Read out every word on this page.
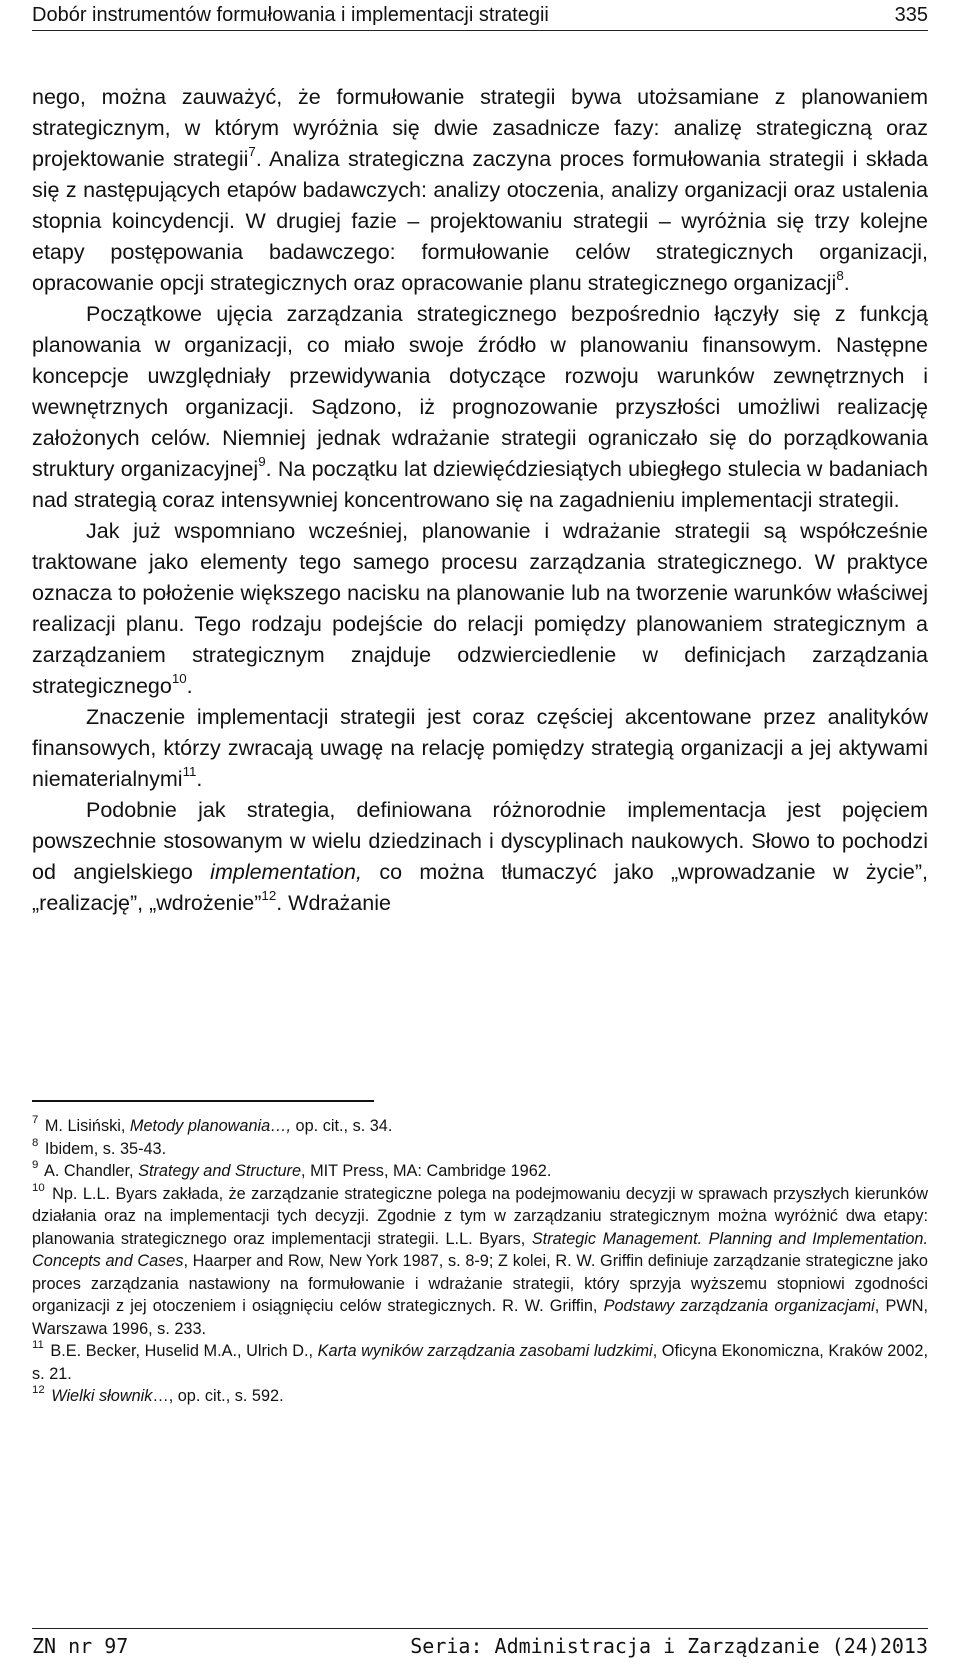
Dobór instrumentów formułowania i implementacji strategii	335

nego, można zauważyć, że formułowanie strategii bywa utożsamiane z planowaniem strategicznym, w którym wyróżnia się dwie zasadnicze fazy: analizę strategiczną oraz projektowanie strategii$^7$. Analiza strategiczna zaczyna proces formułowania strategii i składa się z następujących etapów badawczych: analizy otoczenia, analizy organizacji oraz ustalenia stopnia koincydencji. W drugiej fazie – projektowaniu strategii – wyróżnia się trzy kolejne etapy postępowania badawczego: formułowanie celów strategicznych organizacji, opracowanie opcji strategicznych oraz opracowanie planu strategicznego organizacji$^8$.

Początkowe ujęcia zarządzania strategicznego bezpośrednio łączyły się z funkcją planowania w organizacji, co miało swoje źródło w planowaniu finansowym. Następne koncepcje uwzględniały przewidywania dotyczące rozwoju warunków zewnętrznych i wewnętrznych organizacji. Sądzono, iż prognozowanie przyszłości umożliwi realizację założonych celów. Niemniej jednak wdrażanie strategii ograniczało się do porządkowania struktury organizacyjnej$^9$. Na początku lat dziewięćdziesiątych ubiegłego stulecia w badaniach nad strategią coraz intensywniej koncentrowano się na zagadnieniu implementacji strategii.

Jak już wspomniano wcześniej, planowanie i wdrażanie strategii są współcześnie traktowane jako elementy tego samego procesu zarządzania strategicznego. W praktyce oznacza to położenie większego nacisku na planowanie lub na tworzenie warunków właściwej realizacji planu. Tego rodzaju podejście do relacji pomiędzy planowaniem strategicznym a zarządzaniem strategicznym znajduje odzwierciedlenie w definicjach zarządzania strategicznego$^{10}$.

Znaczenie implementacji strategii jest coraz częściej akcentowane przez analityków finansowych, którzy zwracają uwagę na relację pomiędzy strategią organizacji a jej aktywami niematerialnymi$^{11}$.

Podobnie jak strategia, definiowana różnorodnie implementacja jest pojęciem powszechnie stosowanym w wielu dziedzinach i dyscyplinach naukowych. Słowo to pochodzi od angielskiego implementation, co można tłumaczyć jako „wprowadzanie w życie”, „realizację”, „wdrożenie”$^{12}$. Wdrażanie

$^7$ M. Lisiński, Metody planowania…, op. cit., s. 34.

$^8$ Ibidem, s. 35-43.

$^9$ A. Chandler, Strategy and Structure, MIT Press, MA: Cambridge 1962.

$^{10}$ Np. L.L. Byars zakłada, że zarządzanie strategiczne polega na podejmowaniu decyzji w sprawach przyszłych kierunków działania oraz na implementacji tych decyzji. Zgodnie z tym w zarządzaniu strategicznym można wyróżnić dwa etapy: planowania strategicznego oraz implementacji strategii. L.L. Byars, Strategic Management. Planning and Implementation. Concepts and Cases, Haarper and Row, New York 1987, s. 8-9; Z kolei, R. W. Griffin definiuje zarządzanie strategiczne jako proces zarządzania nastawiony na formułowanie i wdrażanie strategii, który sprzyja wyższemu stopniowi zgodności organizacji z jej otoczeniem i osiągnięciu celów strategicznych. R. W. Griffin, Podstawy zarządzania organizacjami, PWN, Warszawa 1996, s. 233.

$^{11}$ B.E. Becker, Huselid M.A., Ulrich D., Karta wyników zarządzania zasobami ludzkimi, Oficyna Ekonomiczna, Kraków 2002, s. 21.

$^{12}$ Wielki słownik…, op. cit., s. 592.

ZN nr 97	Seria: Administracja i Zarządzanie (24)2013
